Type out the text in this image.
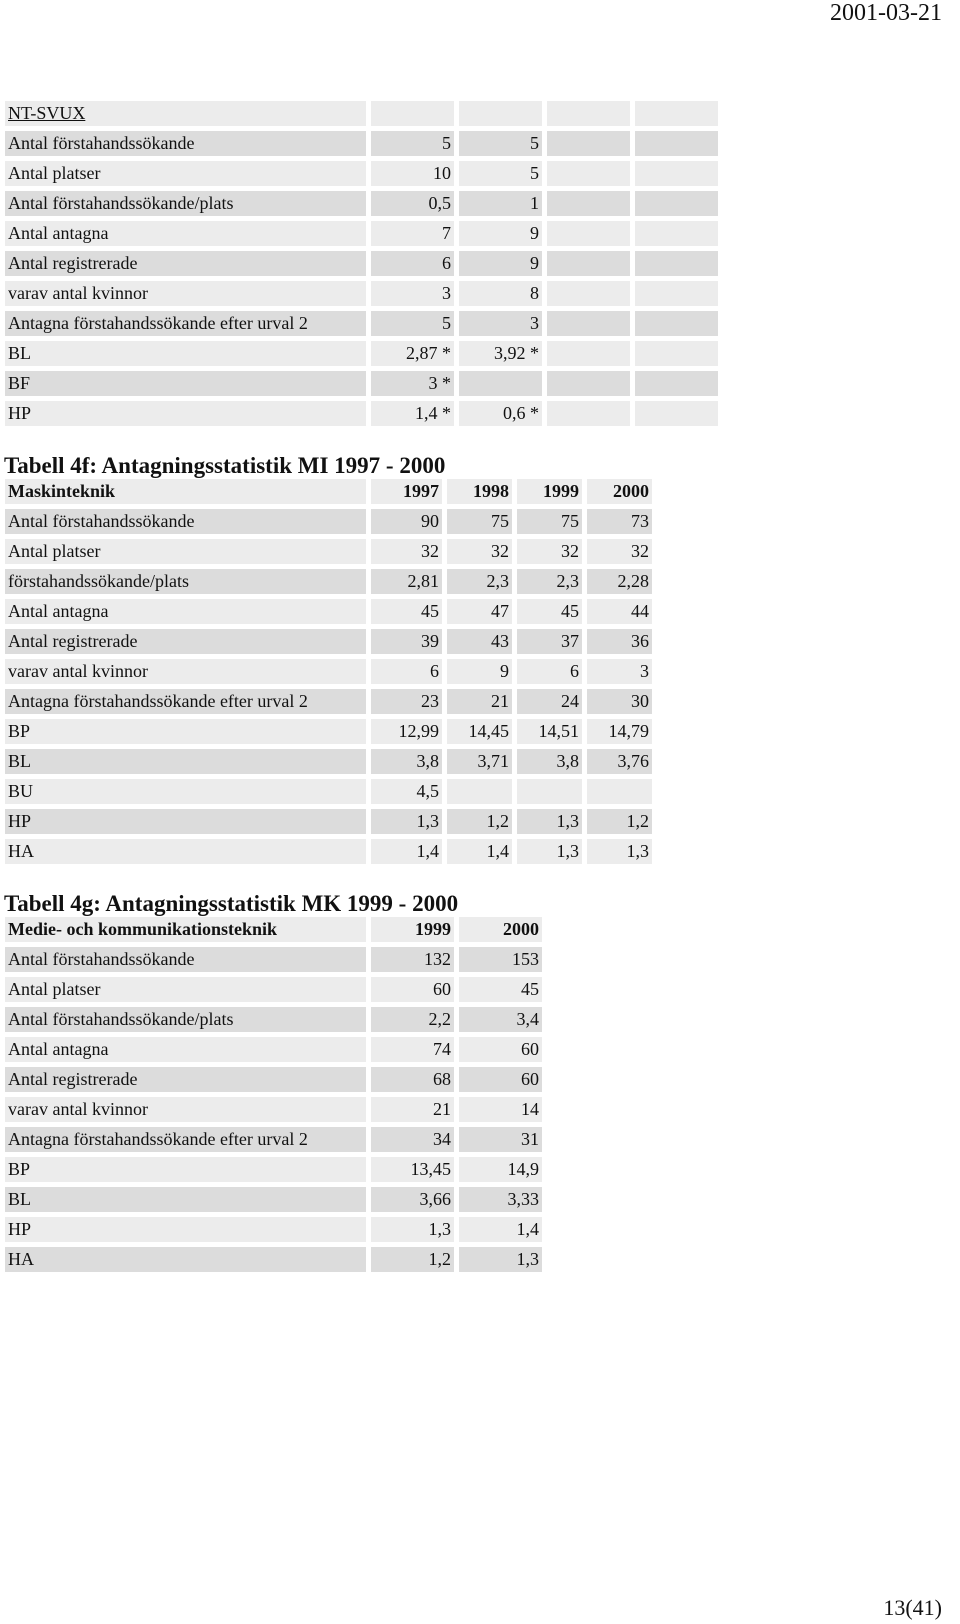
2001-03-21
NT-SVUX				
Antal förstahandssökande	5	5		
Antal platser	10	5		
Antal förstahandssökande/plats	0,5	1		
Antal antagna	7	9		
Antal registrerade	6	9		
varav antal kvinnor	3	8		
Antagna förstahandssökande efter urval 2	5	3		
BL	2,87 *	3,92 *		
BF	3 *			
HP	1,4 *	0,6 *		
Tabell 4f: Antagningsstatistik MI 1997 - 2000
Maskinteknik	1997	1998	1999	2000
Antal förstahandssökande	90	75	75	73
Antal platser	32	32	32	32
förstahandssökande/plats	2,81	2,3	2,3	2,28
Antal antagna	45	47	45	44
Antal registrerade	39	43	37	36
varav antal kvinnor	6	9	6	3
Antagna förstahandssökande efter urval 2	23	21	24	30
BP	12,99	14,45	14,51	14,79
BL	3,8	3,71	3,8	3,76
BU	4,5			
HP	1,3	1,2	1,3	1,2
HA	1,4	1,4	1,3	1,3
Tabell 4g: Antagningsstatistik MK 1999 - 2000
Medie- och kommunikationsteknik	1999	2000
Antal förstahandssökande	132	153
Antal platser	60	45
Antal förstahandssökande/plats	2,2	3,4
Antal antagna	74	60
Antal registrerade	68	60
varav antal kvinnor	21	14
Antagna förstahandssökande efter urval 2	34	31
BP	13,45	14,9
BL	3,66	3,33
HP	1,3	1,4
HA	1,2	1,3
13(41)
